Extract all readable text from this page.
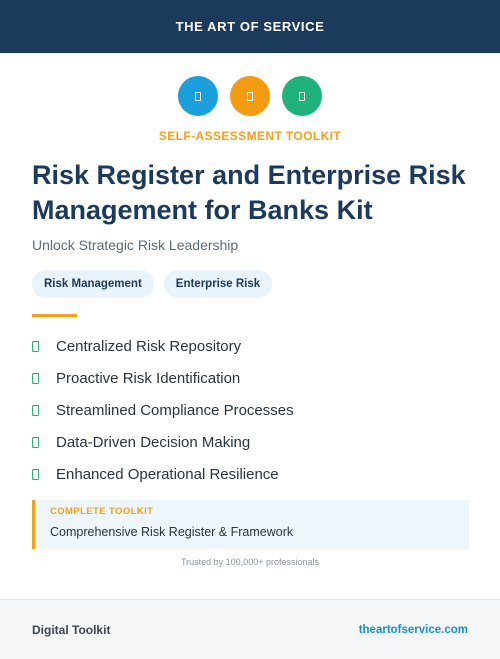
THE ART OF SERVICE
SELF-ASSESSMENT TOOLKIT
Risk Register and Enterprise Risk Management for Banks Kit

Unlock Strategic Risk Leadership

Risk Management	Enterprise Risk
Centralized Risk Repository
Proactive Risk Identification
Streamlined Compliance Processes
Data-Driven Decision Making
Enhanced Operational Resilience
COMPLETE TOOLKIT
Comprehensive Risk Register & Framework
Trusted by 100,000+ professionals
Digital Toolkit	theartofservice.com
